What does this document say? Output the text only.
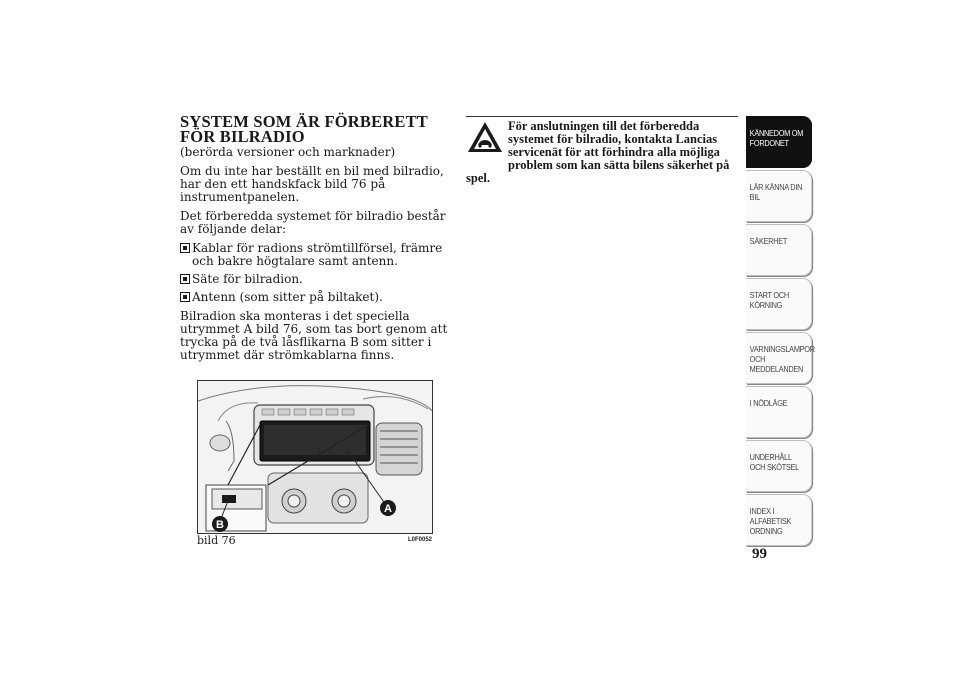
SYSTEM SOM ÄR FÖRBERETT FÖR BILRADIO

(berörda versioner och marknader)

Om du inte har beställt en bil med bilradio, har den ett handskfack bild 76 på instrumentpanelen.

Det förberedda systemet för bilradio består av följande delar:

Kablar för radions strömtillförsel, främre och bakre högtalare samt antenn.
Säte för bilradion.
Antenn (som sitter på biltaket).

Bilradion ska monteras i det speciella utrymmet A bild 76, som tas bort genom att trycka på de två låsflikarna B som sitter i utrymmet där strömkablarna finns.

A
B
bild 76	L0F0052
För anslutningen till det förberedda systemet för bilradio, kontakta Lancias servicenät för att förhindra alla möjliga problem som kan sätta bilens säkerhet på spel.
KÄNNEDOM OM FORDONET
LÄR KÄNNA DIN BIL
SÄKERHET
START OCH KÖRNING
VARNINGSLAMPOR OCH MEDDELANDEN
I NÖDLÄGE
UNDERHÅLL OCH SKÖTSEL
INDEX I ALFABETISK ORDNING
99
